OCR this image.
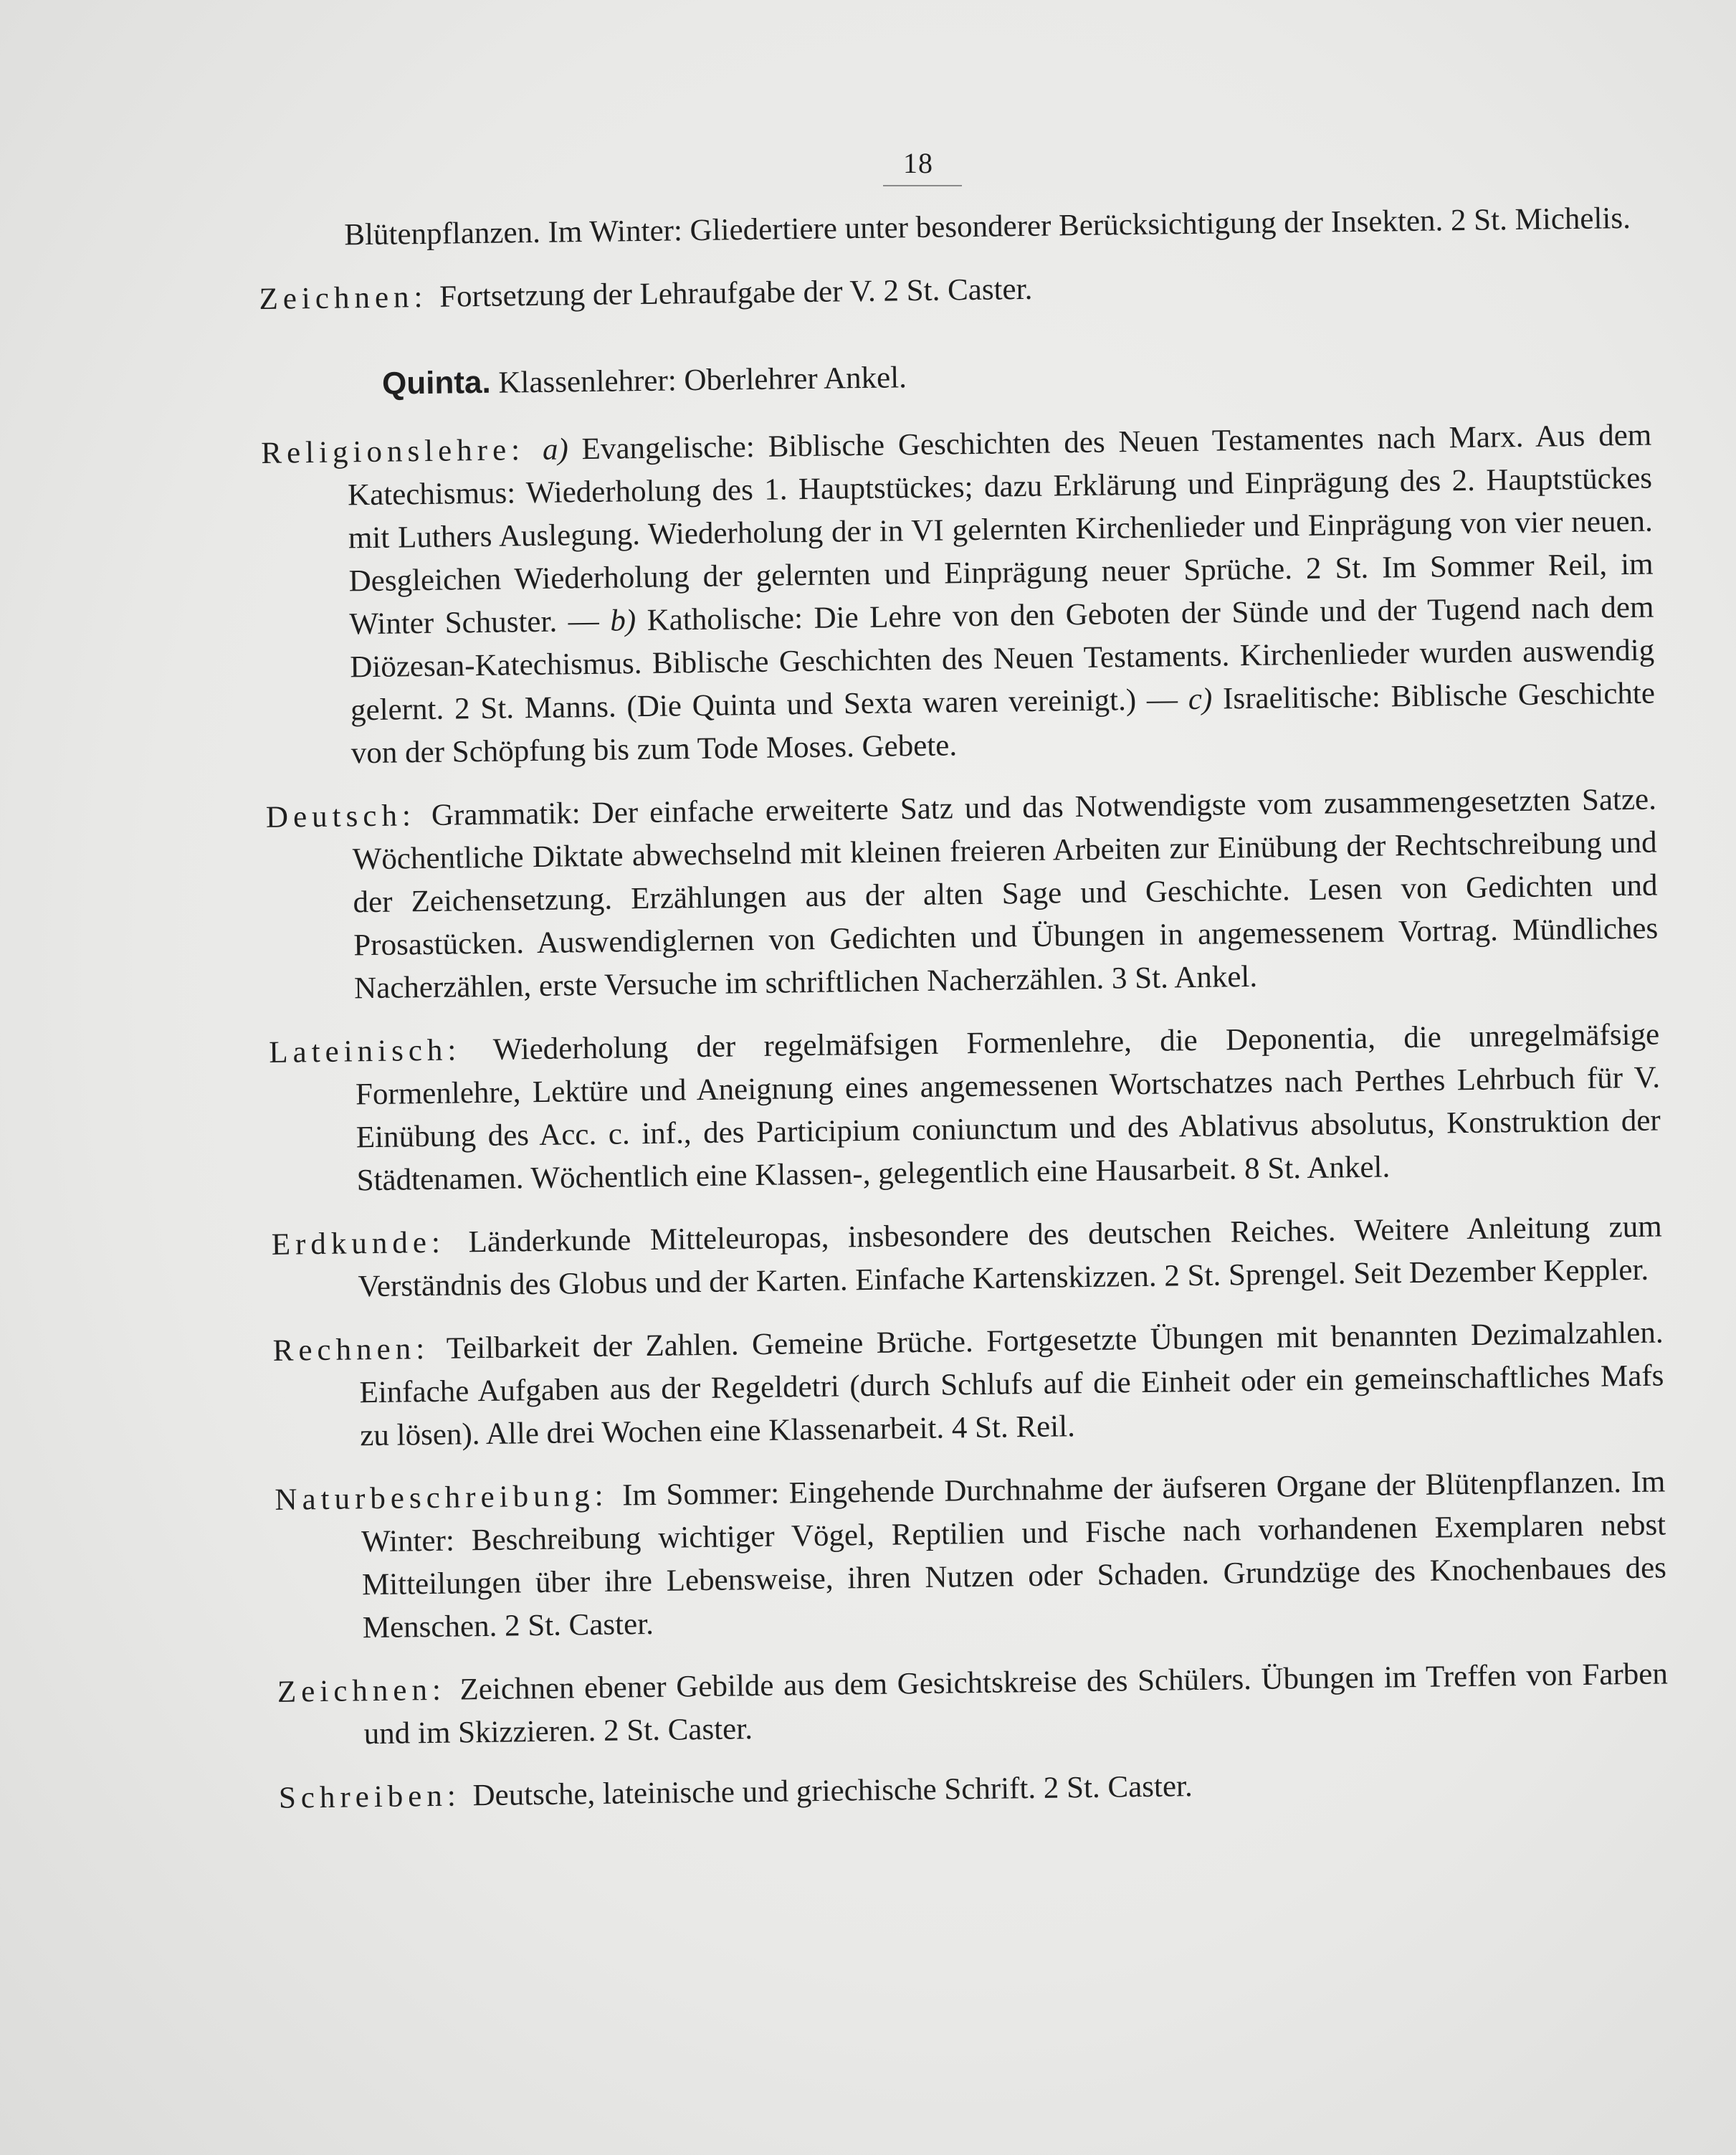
18

Blütenpflanzen. Im Winter: Gliedertiere unter besonderer Berücksichtigung der Insekten. 2 St. Michelis.

Zeichnen: Fortsetzung der Lehraufgabe der V. 2 St. Caster.

Quinta. Klassenlehrer: Oberlehrer Ankel.

Religionslehre: a) Evangelische: Biblische Geschichten des Neuen Testamentes nach Marx. Aus dem Katechismus: Wiederholung des 1. Hauptstückes; dazu Erklärung und Einprägung des 2. Hauptstückes mit Luthers Auslegung. Wiederholung der in VI gelernten Kirchenlieder und Einprägung von vier neuen. Desgleichen Wiederholung der gelernten und Einprägung neuer Sprüche. 2 St. Im Sommer Reil, im Winter Schuster. — b) Katholische: Die Lehre von den Geboten der Sünde und der Tugend nach dem Diözesan-Katechismus. Biblische Geschichten des Neuen Testaments. Kirchenlieder wurden auswendig gelernt. 2 St. Manns. (Die Quinta und Sexta waren vereinigt.) — c) Israelitische: Biblische Geschichte von der Schöpfung bis zum Tode Moses. Gebete.

Deutsch: Grammatik: Der einfache erweiterte Satz und das Notwendigste vom zusammengesetzten Satze. Wöchentliche Diktate abwechselnd mit kleinen freieren Arbeiten zur Einübung der Rechtschreibung und der Zeichensetzung. Erzählungen aus der alten Sage und Geschichte. Lesen von Gedichten und Prosastücken. Auswendiglernen von Gedichten und Übungen in angemessenem Vortrag. Mündliches Nacherzählen, erste Versuche im schriftlichen Nacherzählen. 3 St. Ankel.

Lateinisch: Wiederholung der regelmäfsigen Formenlehre, die Deponentia, die unregelmäfsige Formenlehre, Lektüre und Aneignung eines angemessenen Wortschatzes nach Perthes Lehrbuch für V. Einübung des Acc. c. inf., des Participium coniunctum und des Ablativus absolutus, Konstruktion der Städtenamen. Wöchentlich eine Klassen-, gelegentlich eine Hausarbeit. 8 St. Ankel.

Erdkunde: Länderkunde Mitteleuropas, insbesondere des deutschen Reiches. Weitere Anleitung zum Verständnis des Globus und der Karten. Einfache Kartenskizzen. 2 St. Sprengel. Seit Dezember Keppler.

Rechnen: Teilbarkeit der Zahlen. Gemeine Brüche. Fortgesetzte Übungen mit benannten Dezimalzahlen. Einfache Aufgaben aus der Regeldetri (durch Schlufs auf die Einheit oder ein gemeinschaftliches Mafs zu lösen). Alle drei Wochen eine Klassenarbeit. 4 St. Reil.

Naturbeschreibung: Im Sommer: Eingehende Durchnahme der äufseren Organe der Blütenpflanzen. Im Winter: Beschreibung wichtiger Vögel, Reptilien und Fische nach vorhandenen Exemplaren nebst Mitteilungen über ihre Lebensweise, ihren Nutzen oder Schaden. Grundzüge des Knochenbaues des Menschen. 2 St. Caster.

Zeichnen: Zeichnen ebener Gebilde aus dem Gesichtskreise des Schülers. Übungen im Treffen von Farben und im Skizzieren. 2 St. Caster.

Schreiben: Deutsche, lateinische und griechische Schrift. 2 St. Caster.
